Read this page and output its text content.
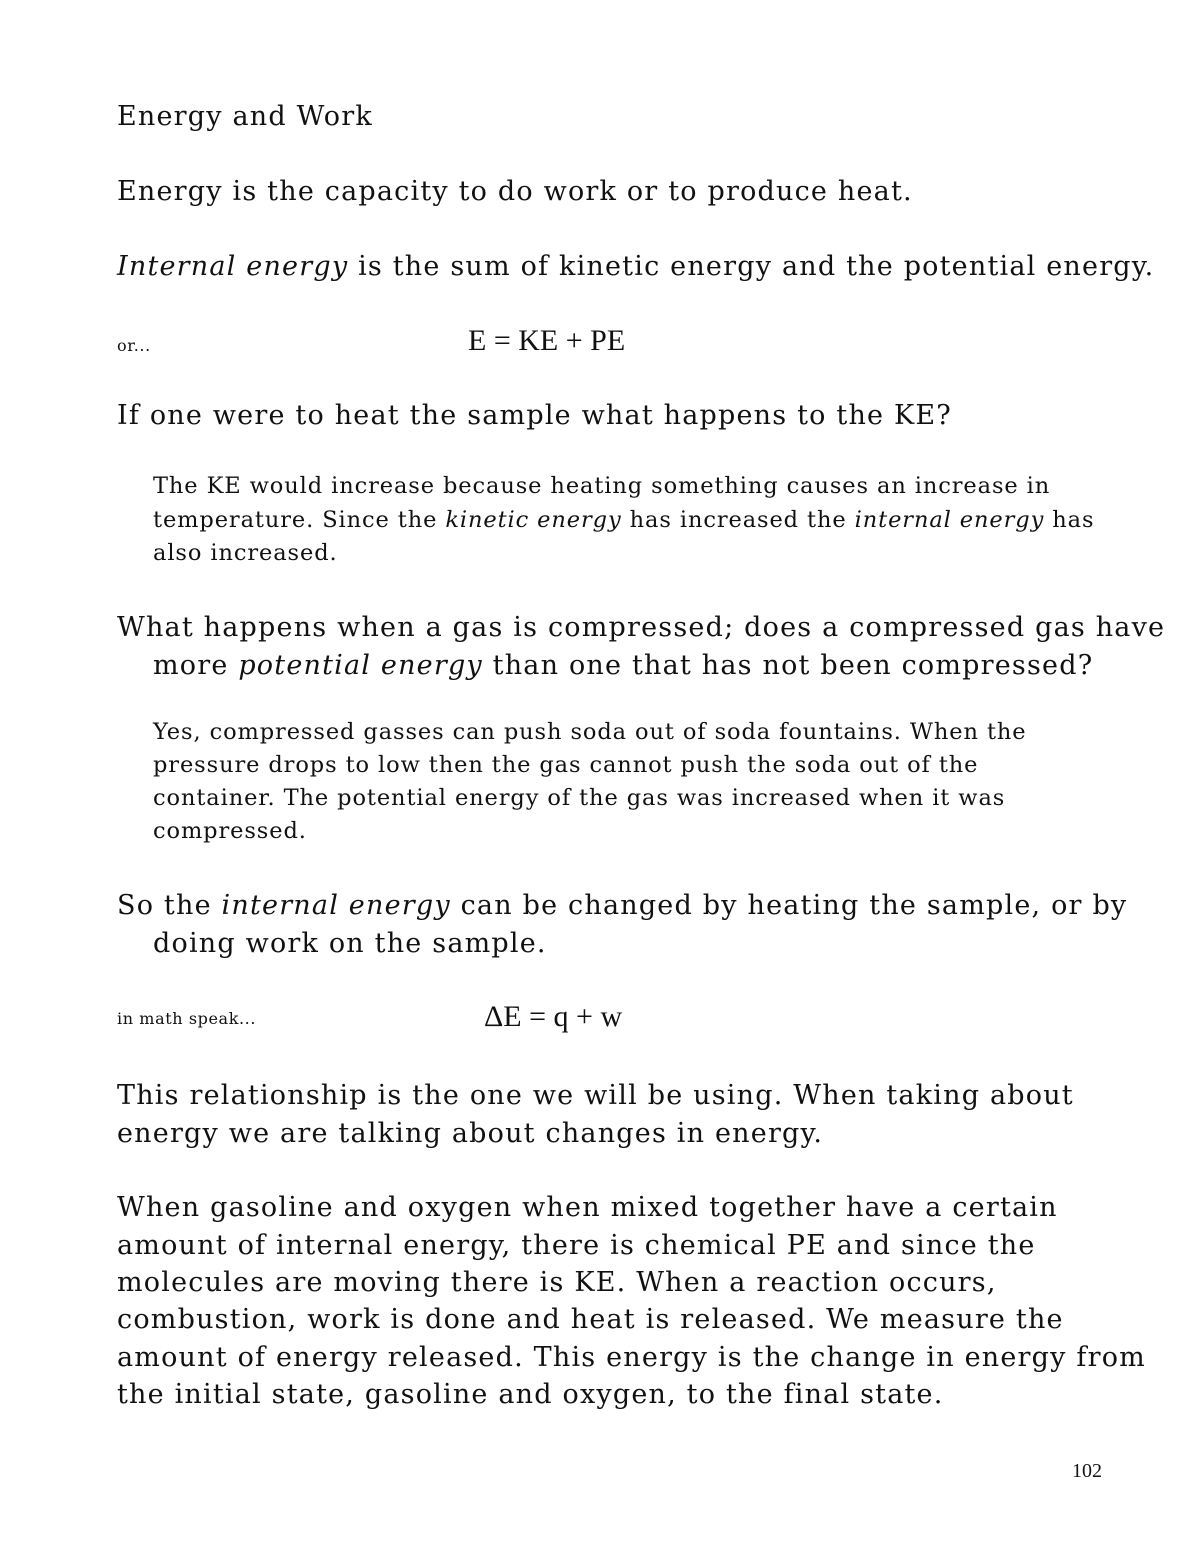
Energy and Work
Energy is the capacity to do work or to produce heat.
Internal energy is the sum of kinetic energy and the potential energy.
or...	E = KE + PE
If one were to heat the sample what happens to the KE?
The KE would increase because heating something causes an increase in
temperature. Since the kinetic energy has increased the internal energy has
also increased.
What happens when a gas is compressed; does a compressed gas have
more potential energy than one that has not been compressed?
Yes, compressed gasses can push soda out of soda fountains. When the
pressure drops to low then the gas cannot push the soda out of the
container. The potential energy of the gas was increased when it was
compressed.
So the internal energy can be changed by heating the sample, or by
doing work on the sample.
in math speak...	ΔE = q + w
This relationship is the one we will be using. When taking about
energy we are talking about changes in energy.
When gasoline and oxygen when mixed together have a certain
amount of internal energy, there is chemical PE and since the
molecules are moving there is KE. When a reaction occurs,
combustion, work is done and heat is released. We measure the
amount of energy released. This energy is the change in energy from
the initial state, gasoline and oxygen, to the final state.
102
